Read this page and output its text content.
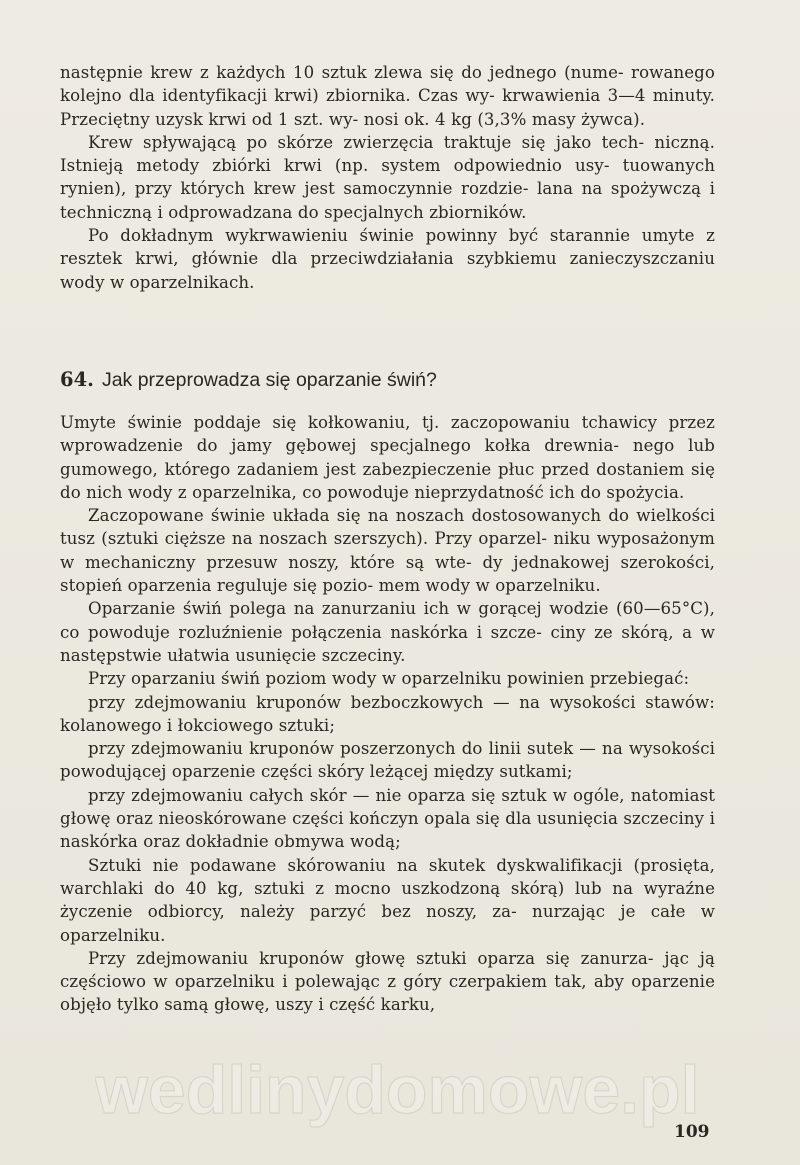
następnie krew z każdych 10 sztuk zlewa się do jednego (nume- rowanego kolejno dla identyfikacji krwi) zbiornika. Czas wy- krwawienia 3—4 minuty. Przeciętny uzysk krwi od 1 szt. wy- nosi ok. 4 kg (3,3% masy żywca).

Krew spływającą po skórze zwierzęcia traktuje się jako tech- niczną. Istnieją metody zbiórki krwi (np. system odpowiednio usy- tuowanych rynien), przy których krew jest samoczynnie rozdzie- lana na spożywczą i techniczną i odprowadzana do specjalnych zbiorników.

Po dokładnym wykrwawieniu świnie powinny być starannie umyte z resztek krwi, głównie dla przeciwdziałania szybkiemu zanieczyszczaniu wody w oparzelnikach.

64. Jak przeprowadza się oparzanie świń?

Umyte świnie poddaje się kołkowaniu, tj. zaczopowaniu tchawicy przez wprowadzenie do jamy gębowej specjalnego kołka drewnia- nego lub gumowego, którego zadaniem jest zabezpieczenie płuc przed dostaniem się do nich wody z oparzelnika, co powoduje nieprzydatność ich do spożycia.

Zaczopowane świnie układa się na noszach dostosowanych do wielkości tusz (sztuki cięższe na noszach szerszych). Przy oparzel- niku wyposażonym w mechaniczny przesuw noszy, które są wte- dy jednakowej szerokości, stopień oparzenia reguluje się pozio- mem wody w oparzelniku.

Oparzanie świń polega na zanurzaniu ich w gorącej wodzie (60—65°C), co powoduje rozluźnienie połączenia naskórka i szcze- ciny ze skórą, a w następstwie ułatwia usunięcie szczeciny.

Przy oparzaniu świń poziom wody w oparzelniku powinien przebiegać:

przy zdejmowaniu kruponów bezboczkowych — na wysokości stawów: kolanowego i łokciowego sztuki;

przy zdejmowaniu kruponów poszerzonych do linii sutek — na wysokości powodującej oparzenie części skóry leżącej między sutkami;

przy zdejmowaniu całych skór — nie oparza się sztuk w ogóle, natomiast głowę oraz nieoskórowane części kończyn opala się dla usunięcia szczeciny i naskórka oraz dokładnie obmywa wodą;

Sztuki nie podawane skórowaniu na skutek dyskwalifikacji (prosięta, warchlaki do 40 kg, sztuki z mocno uszkodzoną skórą) lub na wyraźne życzenie odbiorcy, należy parzyć bez noszy, za- nurzając je całe w oparzelniku.

Przy zdejmowaniu kruponów głowę sztuki oparza się zanurza- jąc ją częściowo w oparzelniku i polewając z góry czerpakiem tak, aby oparzenie objęło tylko samą głowę, uszy i część karku,

wedlinydomowe.pl
109
